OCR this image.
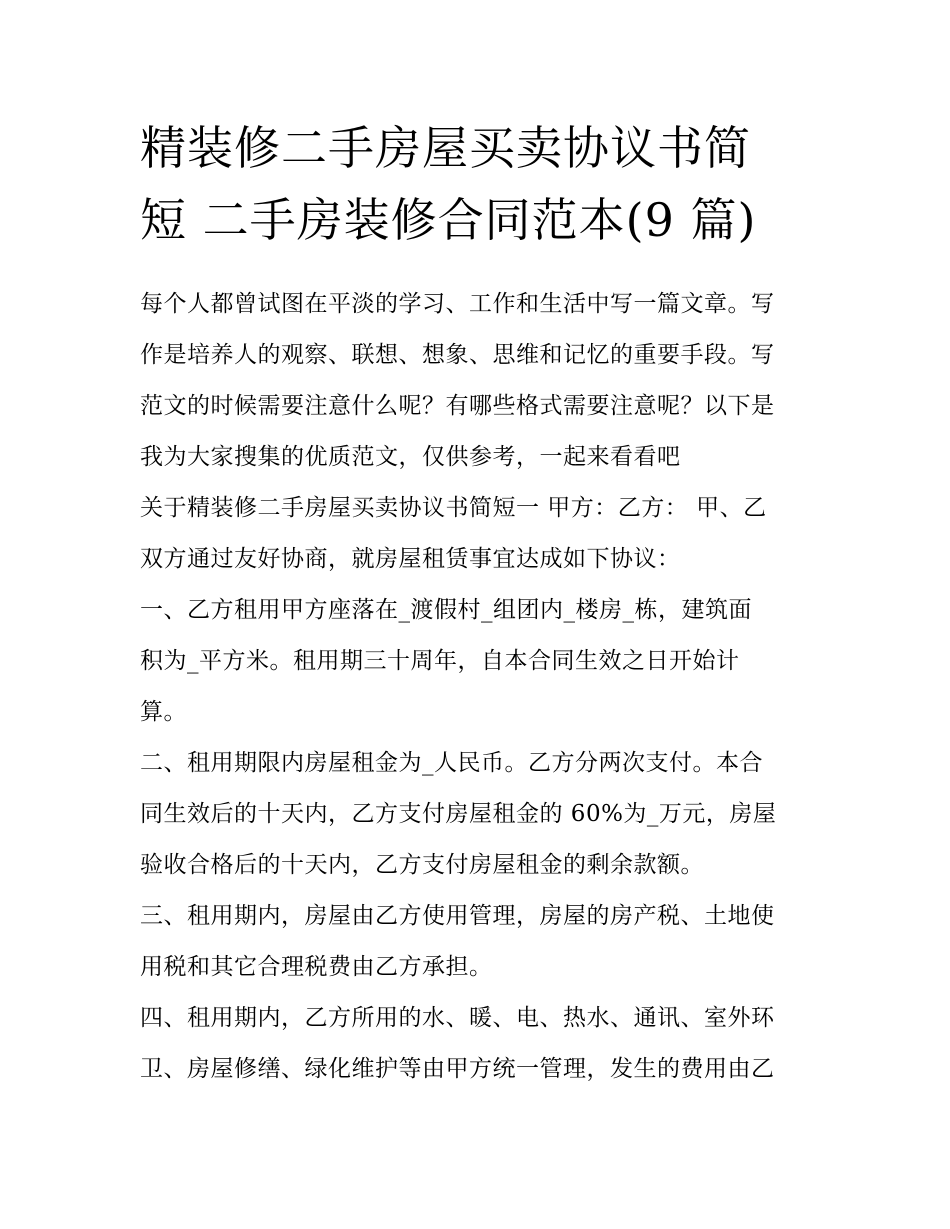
精装修二手房屋买卖协议书简
短 二手房装修合同范本(9 篇)

每个人都曾试图在平淡的学习、工作和生活中写一篇文章。写
作是培养人的观察、联想、想象、思维和记忆的重要手段。写
范文的时候需要注意什么呢？有哪些格式需要注意呢？以下是
我为大家搜集的优质范文，仅供参考，一起来看看吧

关于精装修二手房屋买卖协议书简短一 甲方：乙方： 甲、乙
双方通过友好协商，就房屋租赁事宜达成如下协议：

一、乙方租用甲方座落在_渡假村_组团内_楼房_栋，建筑面
积为_平方米。租用期三十周年，自本合同生效之日开始计
算。

二、租用期限内房屋租金为_人民币。乙方分两次支付。本合
同生效后的十天内，乙方支付房屋租金的 60%为_万元，房屋
验收合格后的十天内，乙方支付房屋租金的剩余款额。

三、租用期内，房屋由乙方使用管理，房屋的房产税、土地使
用税和其它合理税费由乙方承担。

四、租用期内，乙方所用的水、暖、电、热水、通讯、室外环
卫、房屋修缮、绿化维护等由甲方统一管理，发生的费用由乙
